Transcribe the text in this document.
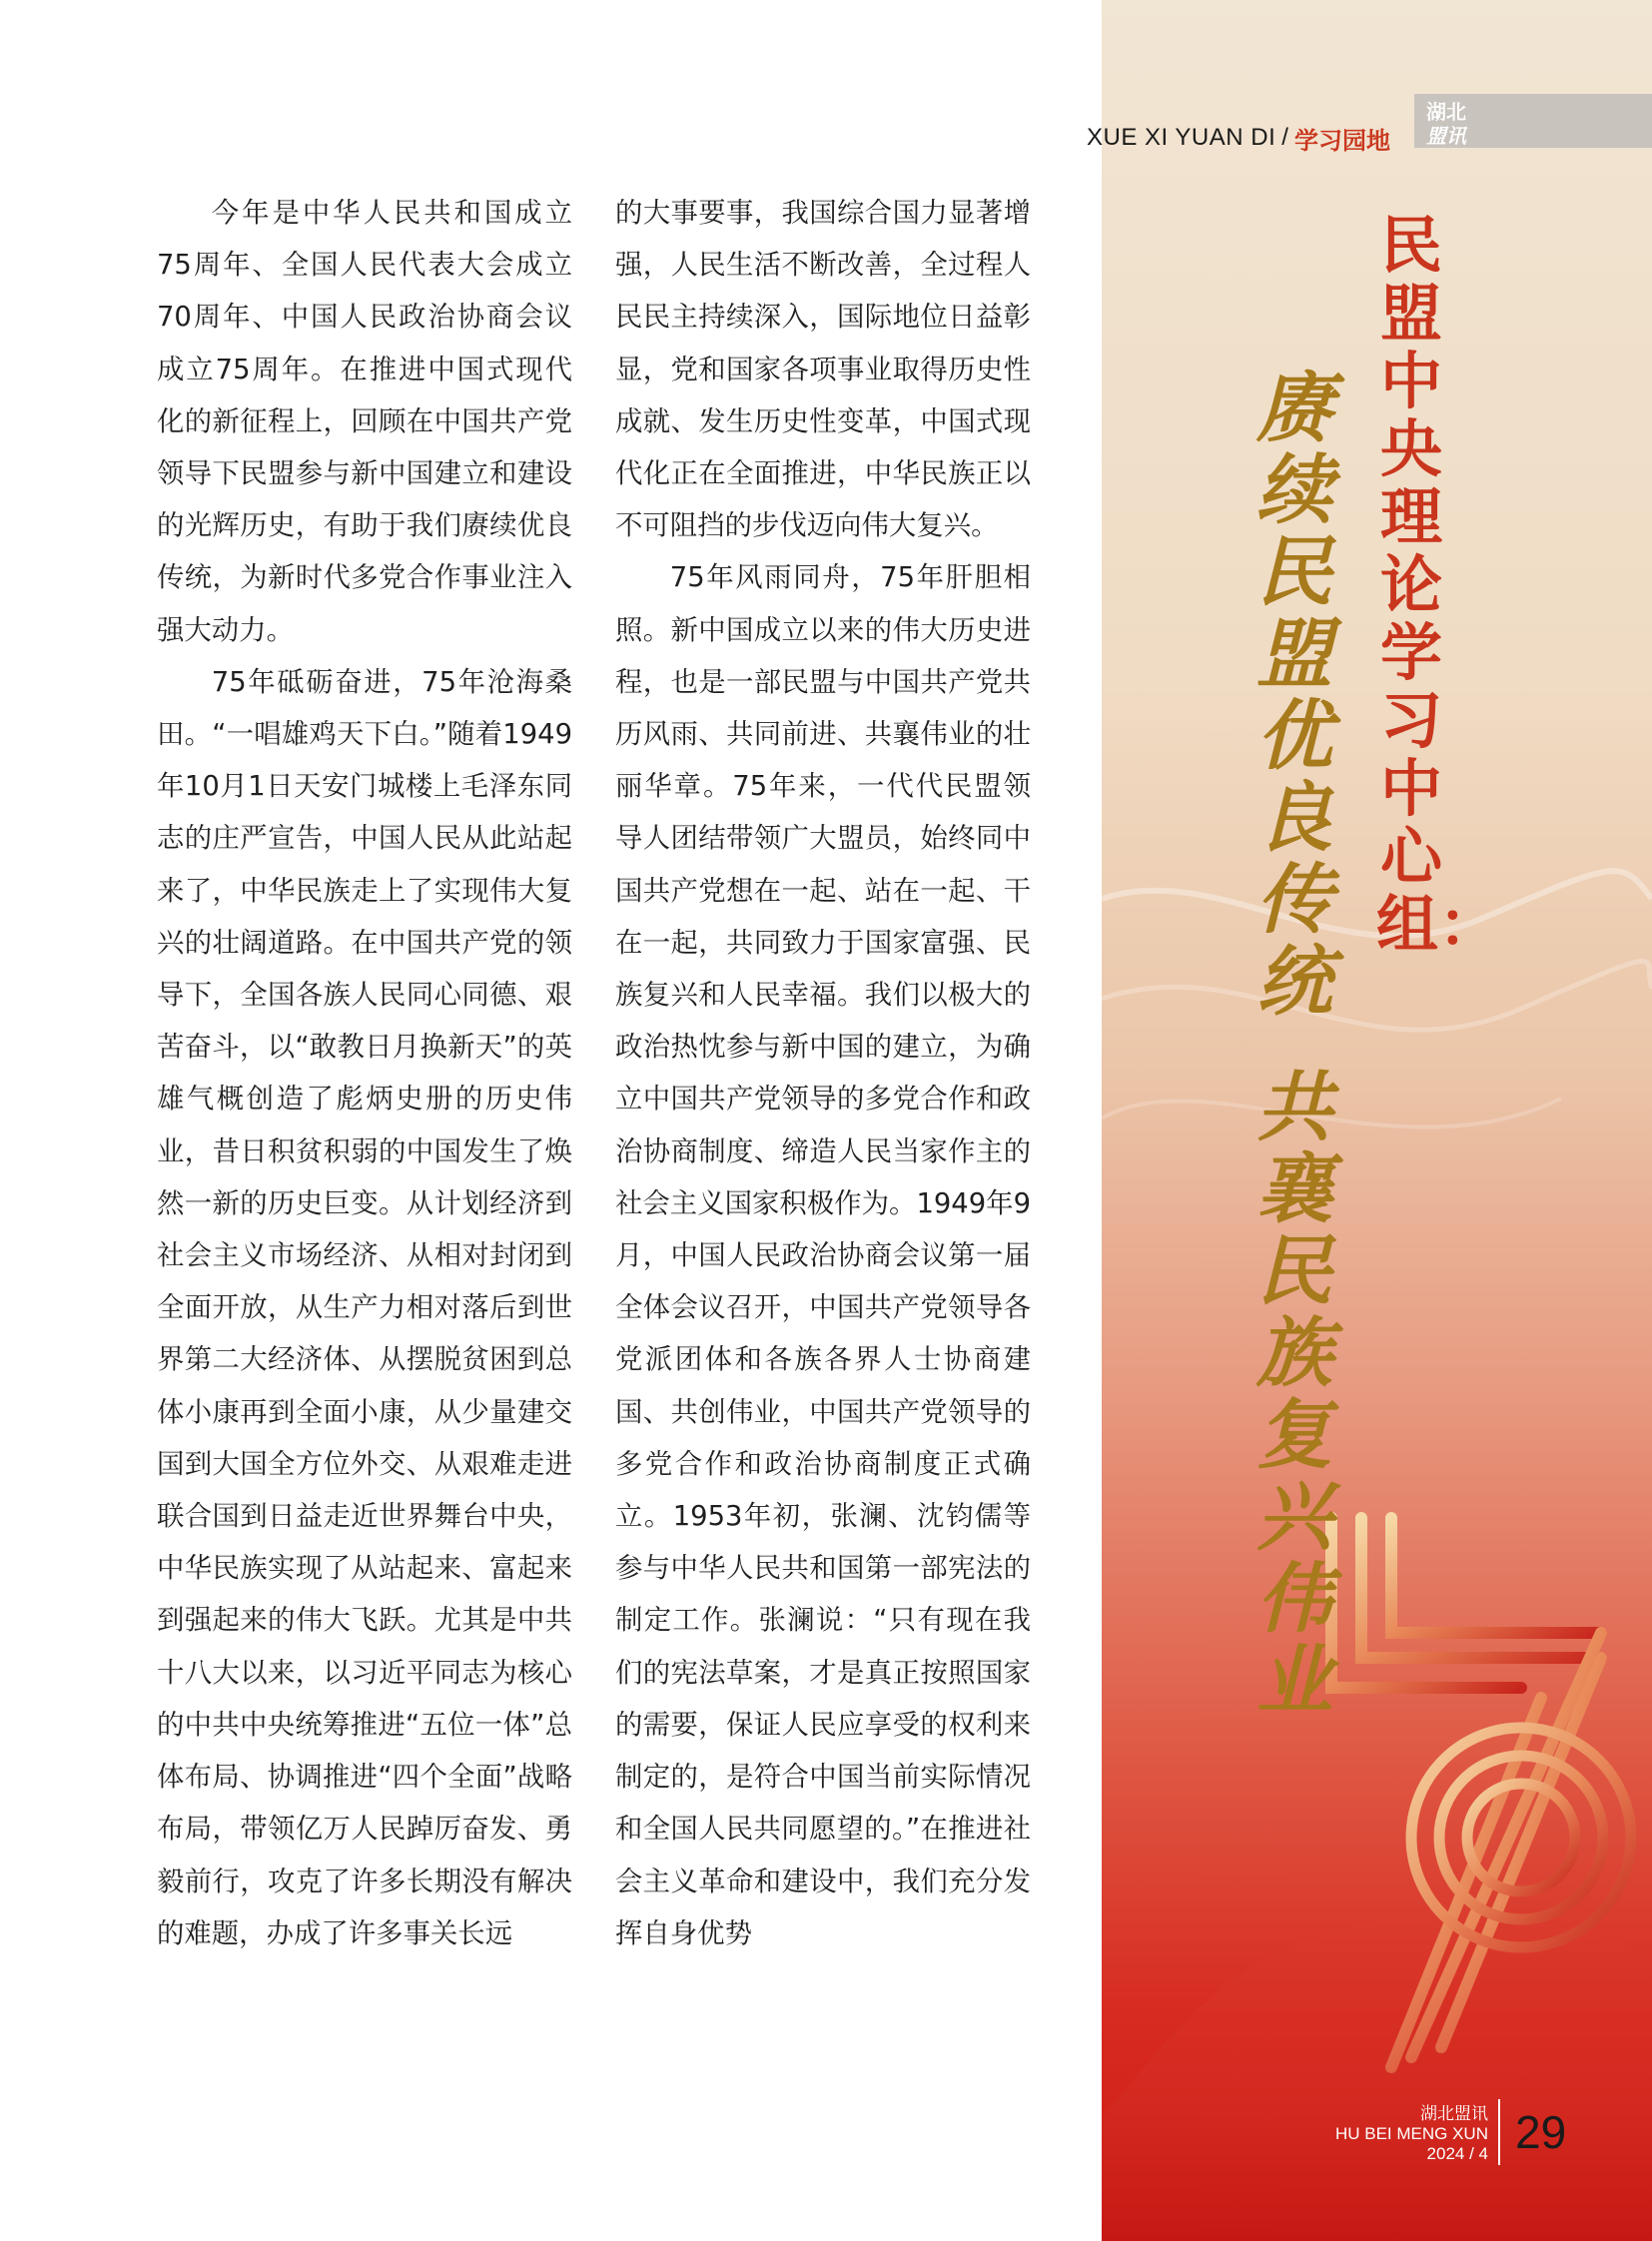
XUE XI YUAN DI / 学习园地
湖北
盟讯
民盟中央理论学习中心组：
赓续民盟优良传统
共襄民族复兴伟业

今年是中华人民共和国成立75周年、全国人民代表大会成立70周年、中国人民政治协商会议成立75周年。在推进中国式现代化的新征程上，回顾在中国共产党领导下民盟参与新中国建立和建设的光辉历史，有助于我们赓续优良传统，为新时代多党合作事业注入强大动力。

75年砥砺奋进，75年沧海桑田。“一唱雄鸡天下白。”随着1949年10月1日天安门城楼上毛泽东同志的庄严宣告，中国人民从此站起来了，中华民族走上了实现伟大复兴的壮阔道路。在中国共产党的领导下，全国各族人民同心同德、艰苦奋斗，以“敢教日月换新天”的英雄气概创造了彪炳史册的历史伟业，昔日积贫积弱的中国发生了焕然一新的历史巨变。从计划经济到社会主义市场经济、从相对封闭到全面开放，从生产力相对落后到世界第二大经济体、从摆脱贫困到总体小康再到全面小康，从少量建交国到大国全方位外交、从艰难走进联合国到日益走近世界舞台中央，中华民族实现了从站起来、富起来到强起来的伟大飞跃。尤其是中共十八大以来，以习近平同志为核心的中共中央统筹推进“五位一体”总体布局、协调推进“四个全面”战略布局，带领亿万人民踔厉奋发、勇毅前行，攻克了许多长期没有解决的难题，办成了许多事关长远

的大事要事，我国综合国力显著增强，人民生活不断改善，全过程人民民主持续深入，国际地位日益彰显，党和国家各项事业取得历史性成就、发生历史性变革，中国式现代化正在全面推进，中华民族正以不可阻挡的步伐迈向伟大复兴。

75年风雨同舟，75年肝胆相照。新中国成立以来的伟大历史进程，也是一部民盟与中国共产党共历风雨、共同前进、共襄伟业的壮丽华章。75年来，一代代民盟领导人团结带领广大盟员，始终同中国共产党想在一起、站在一起、干在一起，共同致力于国家富强、民族复兴和人民幸福。我们以极大的政治热忱参与新中国的建立，为确立中国共产党领导的多党合作和政治协商制度、缔造人民当家作主的社会主义国家积极作为。1949年9月，中国人民政治协商会议第一届全体会议召开，中国共产党领导各党派团体和各族各界人士协商建国、共创伟业，中国共产党领导的多党合作和政治协商制度正式确立。1953年初，张澜、沈钧儒等参与中华人民共和国第一部宪法的制定工作。张澜说：“只有现在我们的宪法草案，才是真正按照国家的需要，保证人民应享受的权利来制定的，是符合中国当前实际情况和全国人民共同愿望的。”在推进社会主义革命和建设中，我们充分发挥自身优势

湖北盟讯
HU BEI MENG XUN
2024 / 4 29
